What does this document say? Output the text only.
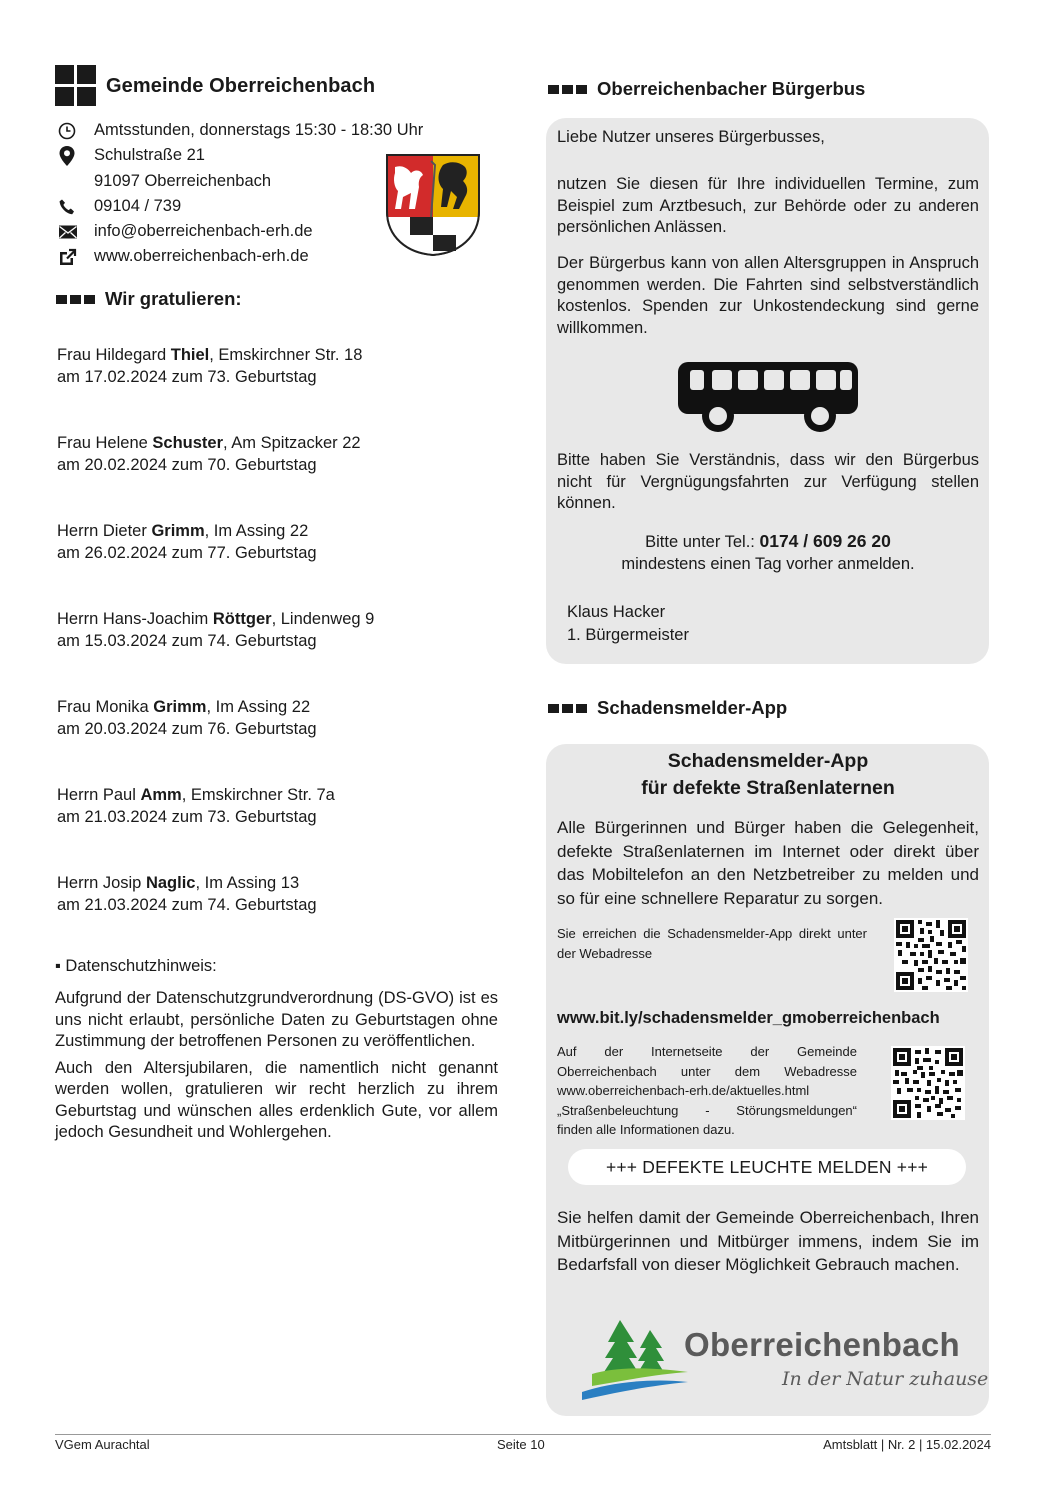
Gemeinde Oberreichenbach
Amtsstunden, donnerstags 15:30 - 18:30 Uhr
Schulstraße 21
91097 Oberreichenbach
09104 / 739
info@oberreichenbach-erh.de
www.oberreichenbach-erh.de
Wir gratulieren:
Frau Hildegard Thiel, Emskirchner Str. 18
am 17.02.2024 zum 73. Geburtstag
Frau Helene Schuster, Am Spitzacker 22
am 20.02.2024 zum 70. Geburtstag
Herrn Dieter Grimm, Im Assing 22
am 26.02.2024 zum 77. Geburtstag
Herrn Hans-Joachim Röttger, Lindenweg 9
am 15.03.2024 zum 74. Geburtstag
Frau Monika Grimm, Im Assing 22
am 20.03.2024 zum 76. Geburtstag
Herrn Paul Amm, Emskirchner Str. 7a
am 21.03.2024 zum 73. Geburtstag
Herrn Josip Naglic, Im Assing 13
am 21.03.2024 zum 74. Geburtstag
▪ Datenschutzhinweis:

Aufgrund der Datenschutzgrundverordnung (DS-GVO) ist es uns nicht erlaubt, persönliche Daten zu Geburtstagen ohne Zustimmung der betroffenen Personen zu veröffentlichen.

Auch den Altersjubilaren, die namentlich nicht genannt werden wollen, gratulieren wir recht herzlich zu ihrem Geburtstag und wünschen alles erdenklich Gute, vor allem jedoch Gesundheit und Wohlergehen.

Oberreichenbacher Bürgerbus
Liebe Nutzer unseres Bürgerbusses,
nutzen Sie diesen für Ihre individuellen Termine, zum Beispiel zum Arztbesuch, zur Behörde oder zu anderen persönlichen Anlässen.
Der Bürgerbus kann von allen Altersgruppen in Anspruch genommen werden. Die Fahrten sind selbstverständlich kostenlos. Spenden zur Unkostendeckung sind gerne willkommen.
Bitte haben Sie Verständnis, dass wir den Bürgerbus nicht für Vergnügungsfahrten zur Verfügung stellen können.
Bitte unter Tel.: 0174 / 609 26 20
mindestens einen Tag vorher anmelden.
Klaus Hacker
1. Bürgermeister
Schadensmelder-App
Schadensmelder-App
für defekte Straßenlaternen
Alle Bürgerinnen und Bürger haben die Gelegenheit, defekte Straßenlaternen im Internet oder direkt über das Mobiltelefon an den Netzbetreiber zu melden und so für eine schnellere Reparatur zu sorgen.
Sie erreichen die Schadensmelder-App direkt unter der Webadresse
www.bit.ly/schadensmelder_gmoberreichenbach
Auf der Internetseite der Gemeinde Oberreichenbach unter dem Webadresse
www.oberreichenbach-erh.de/aktuelles.html
„Straßenbeleuchtung - Störungsmeldungen“
finden alle Informationen dazu.
+++ DEFEKTE LEUCHTE MELDEN +++
Sie helfen damit der Gemeinde Oberreichenbach, Ihren Mitbürgerinnen und Mitbürger immens, indem Sie im Bedarfsfall von dieser Möglichkeit Gebrauch machen.
Oberreichenbach
In der Natur zuhause
VGem Aurachtal	Seite 10	Amtsblatt | Nr. 2 | 15.02.2024
